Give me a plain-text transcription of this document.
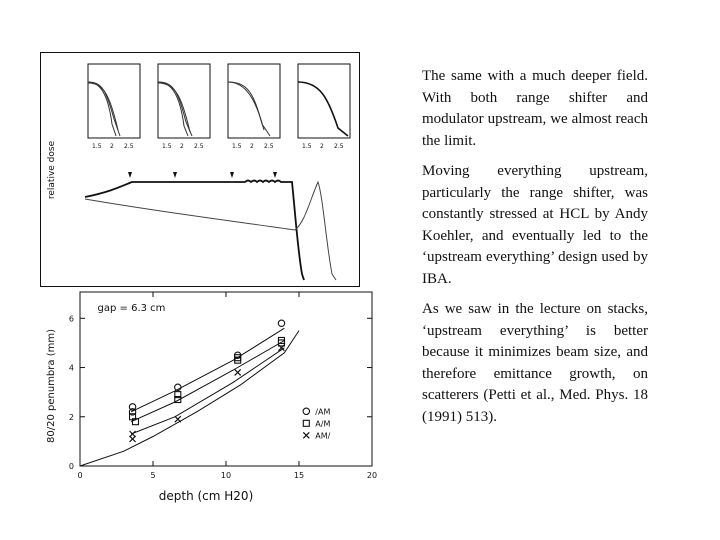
relative dose	1.5 2 2.5	1.5 2 2.5	1.5 2 2.5	1.5 2 2.5
0	5	10	15	20
0
2
4
6
depth (cm H20)
80/20 penumbra (mm)
gap = 6.3 cm
/AM
A/M
AM/

The same with a much deeper field. With both range shifter and modulator upstream, we almost reach the limit.

Moving everything upstream, particularly the range shifter, was constantly stressed at HCL by Andy Koehler, and eventually led to the ‘upstream everything’ design used by IBA.

As we saw in the lecture on stacks, ‘upstream everything’ is better because it minimizes beam size, and therefore emittance growth, on scatterers (Petti et al., Med. Phys. 18 (1991) 513).
